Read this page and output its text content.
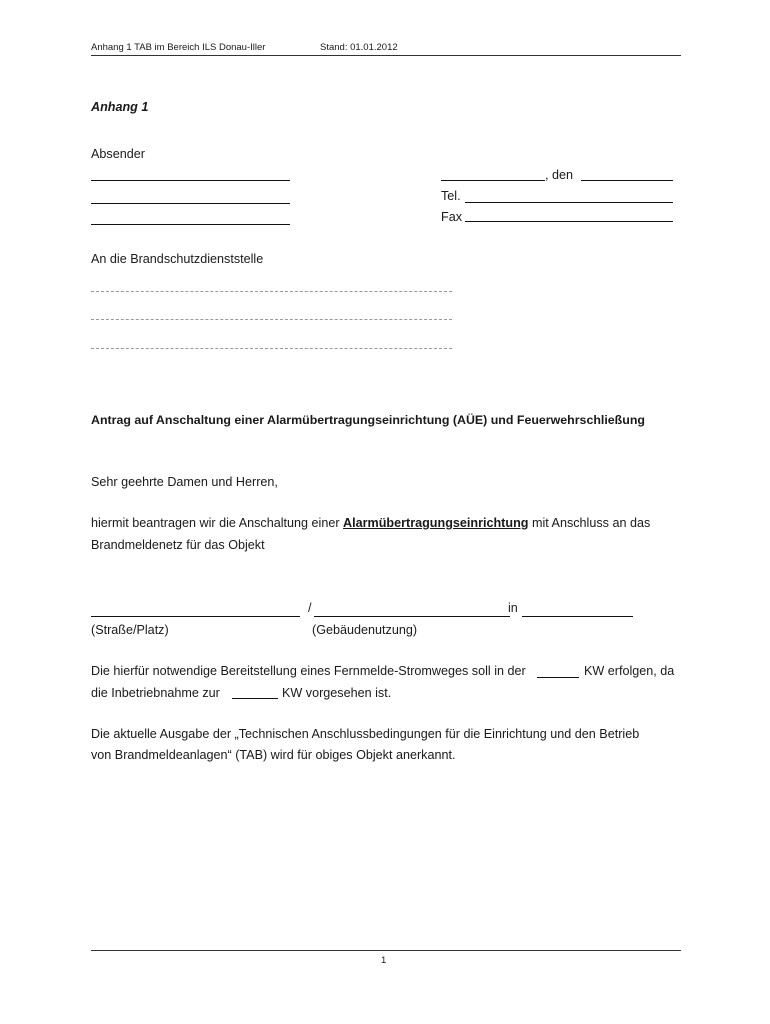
Anhang 1 TAB im Bereich ILS Donau-Iller	Stand: 01.01.2012
Anhang 1
Absender
, den
Tel.
Fax
An die Brandschutzdienststelle
Antrag auf Anschaltung einer Alarmübertragungseinrichtung (AÜE) und Feuerwehrschließung
Sehr geehrte Damen und Herren,
hiermit beantragen wir die Anschaltung einer Alarmübertragungseinrichtung mit Anschluss an das
Brandmeldenetz für das Objekt
/	in
(Straße/Platz)	(Gebäudenutzung)
Die hierfür notwendige Bereitstellung eines Fernmelde-Stromweges soll in der	KW erfolgen, da
die Inbetriebnahme zur	KW vorgesehen ist.
Die aktuelle Ausgabe der „Technischen Anschlussbedingungen für die Einrichtung und den Betrieb
von Brandmeldeanlagen“ (TAB) wird für obiges Objekt anerkannt.
1
